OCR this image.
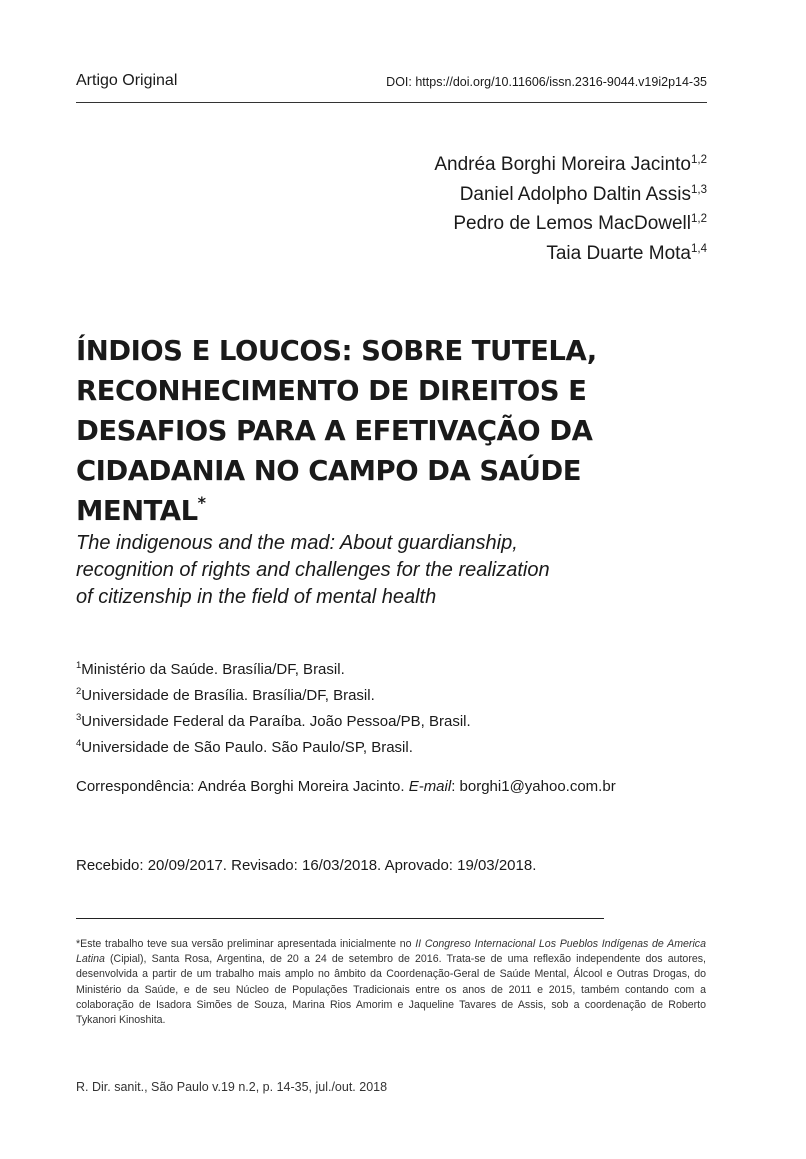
Artigo Original	DOI: https://doi.org/10.11606/issn.2316-9044.v19i2p14-35
Andréa Borghi Moreira Jacinto$^{1,2}$
Daniel Adolpho Daltin Assis$^{1,3}$
Pedro de Lemos MacDowell$^{1,2}$
Taia Duarte Mota$^{1,4}$
ÍNDIOS E LOUCOS: SOBRE TUTELA,
RECONHECIMENTO DE DIREITOS E
DESAFIOS PARA A EFETIVAÇÃO DA
CIDADANIA NO CAMPO DA SAÚDE MENTAL*
The indigenous and the mad: About guardianship,
recognition of rights and challenges for the realization
of citizenship in the field of mental health
$^1$Ministério da Saúde. Brasília/DF, Brasil.
$^2$Universidade de Brasília. Brasília/DF, Brasil.
$^3$Universidade Federal da Paraíba. João Pessoa/PB, Brasil.
$^4$Universidade de São Paulo. São Paulo/SP, Brasil.
Correspondência: Andréa Borghi Moreira Jacinto. E-mail: borghi1@yahoo.com.br
Recebido: 20/09/2017. Revisado: 16/03/2018. Aprovado: 19/03/2018.
*Este trabalho teve sua versão preliminar apresentada inicialmente no II Congreso Internacional Los Pueblos Indígenas de America Latina (Cipial), Santa Rosa, Argentina, de 20 a 24 de setembro de 2016. Trata-se de uma reflexão independente dos autores, desenvolvida a partir de um trabalho mais amplo no âmbito da Coordenação-Geral de Saúde Mental, Álcool e Outras Drogas, do Ministério da Saúde, e de seu Núcleo de Populações Tradicionais entre os anos de 2011 e 2015, também contando com a colaboração de Isadora Simões de Souza, Marina Rios Amorim e Jaqueline Tavares de Assis, sob a coordenação de Roberto Tykanori Kinoshita.
R. Dir. sanit., São Paulo v.19 n.2, p. 14-35, jul./out. 2018
